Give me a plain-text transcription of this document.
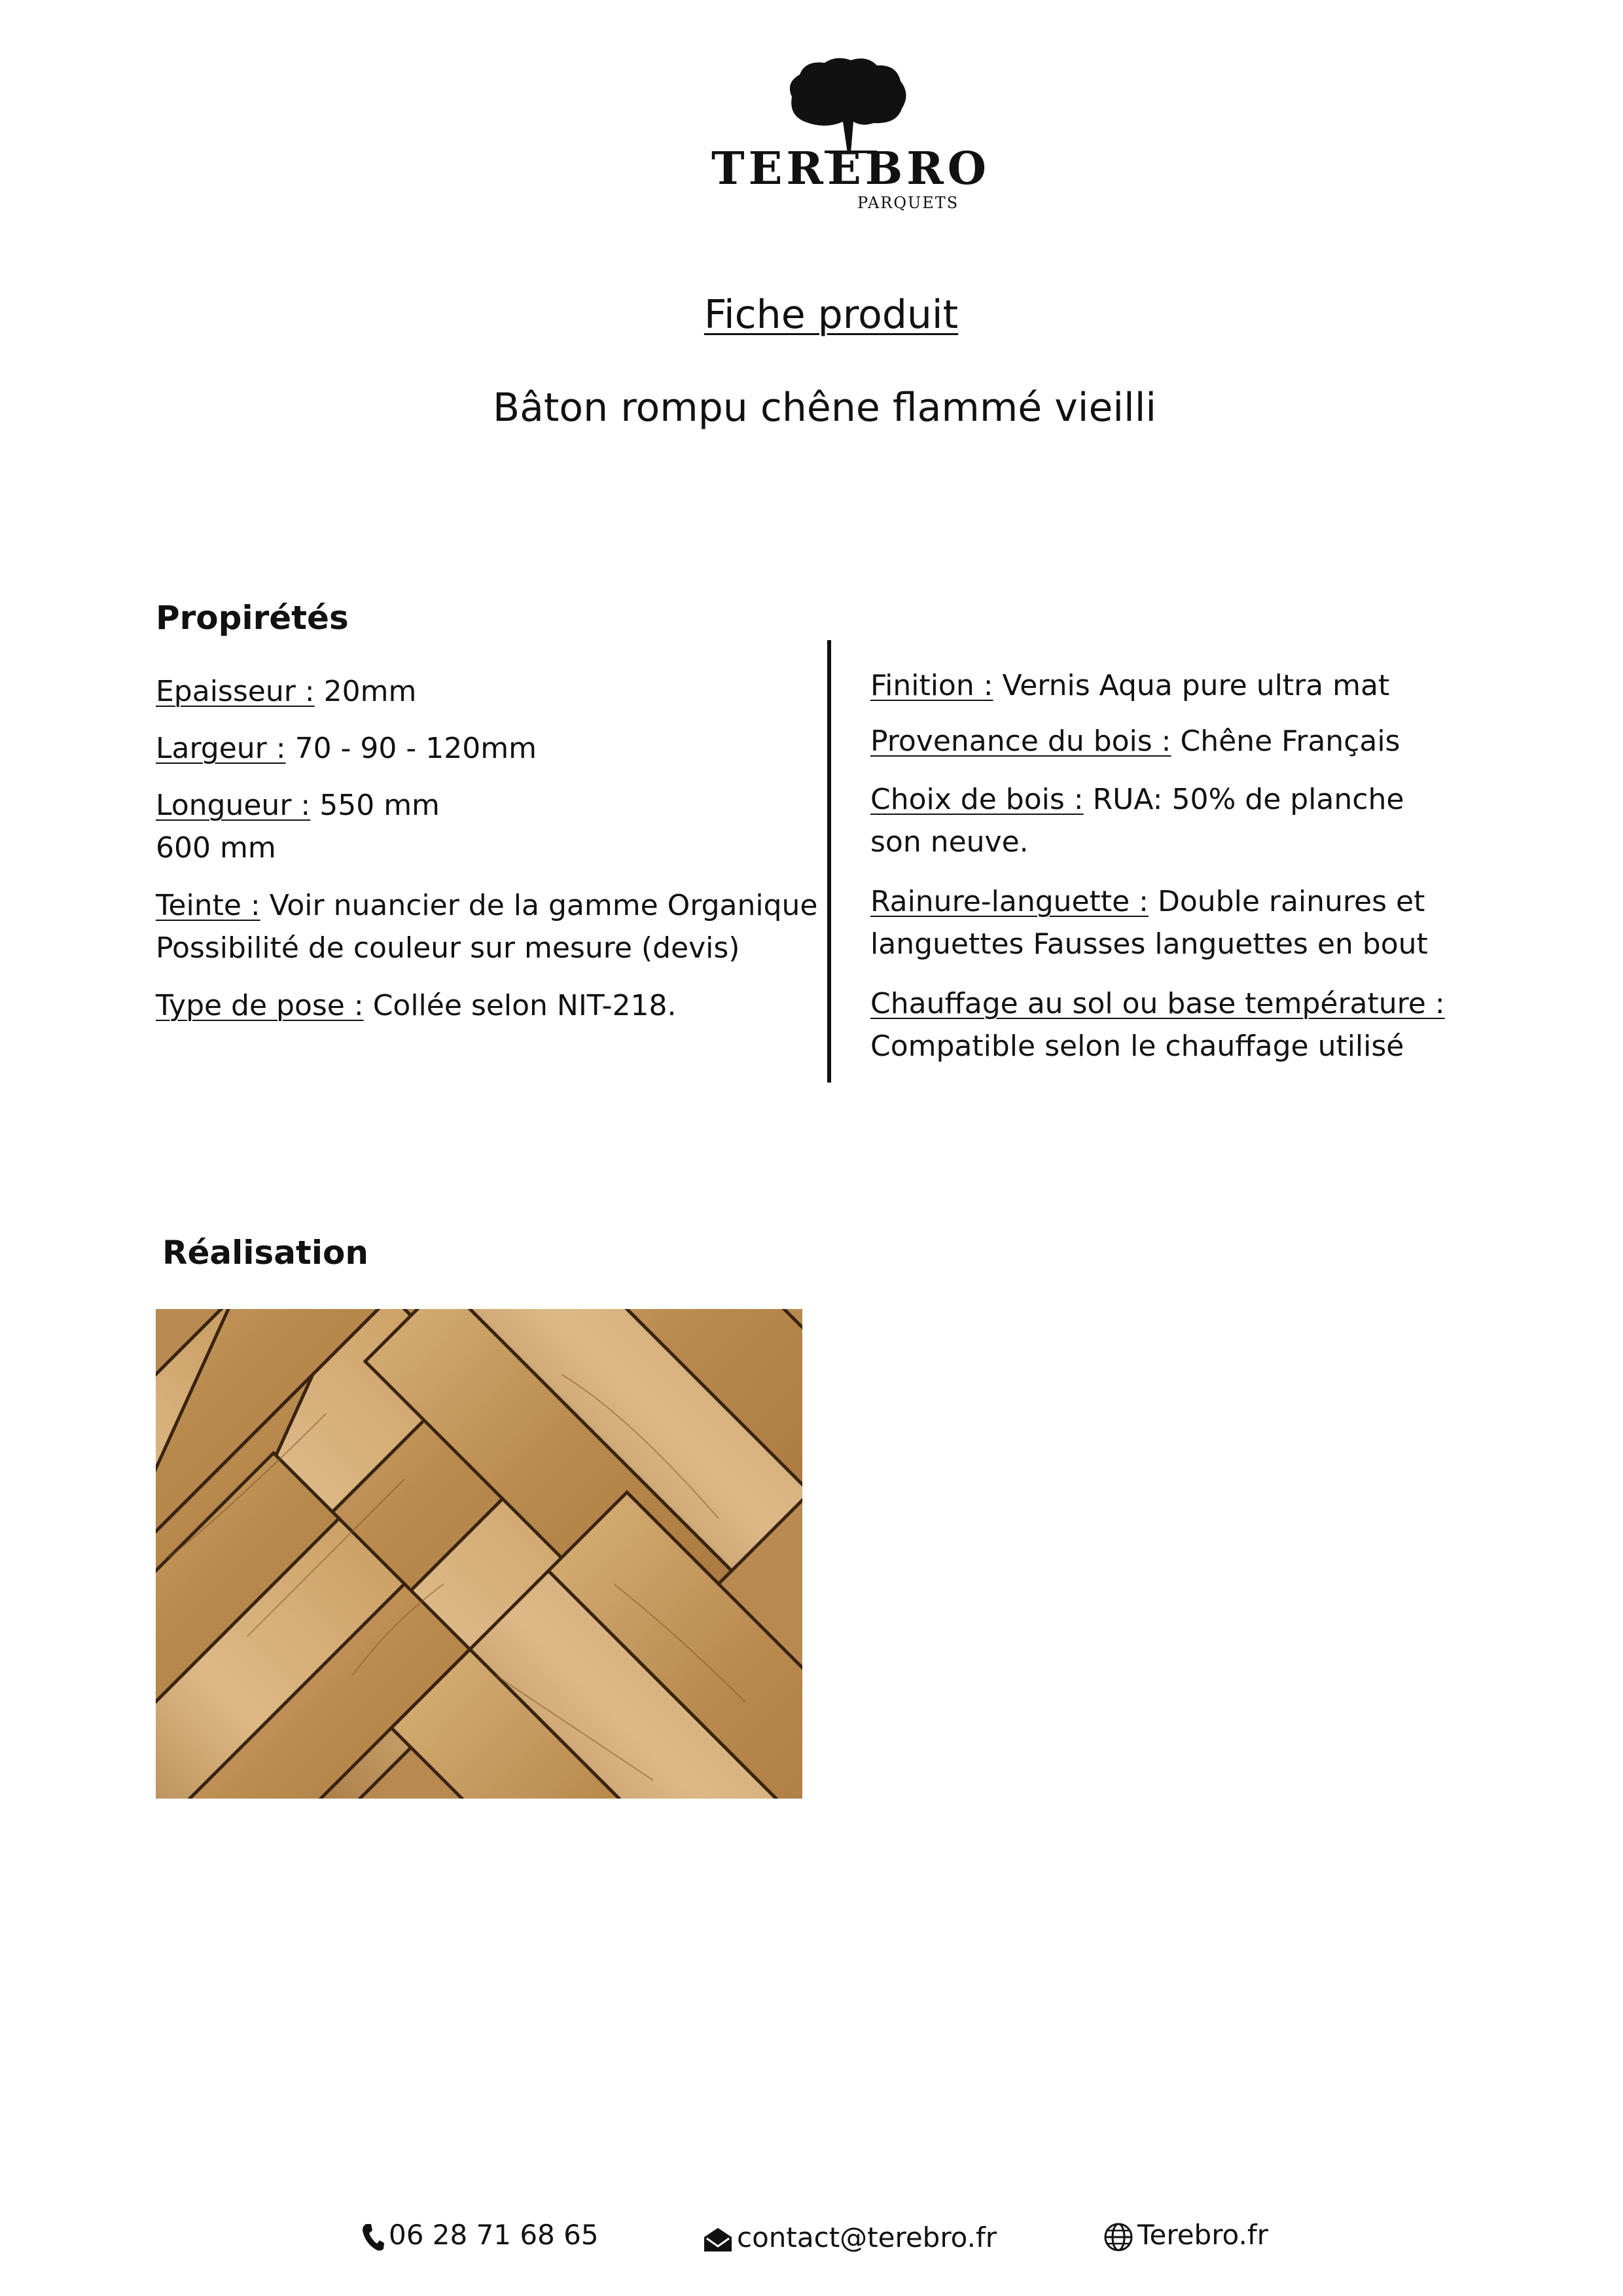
TERЕBRO
PARQUETS
Fiche produit
Bâton rompu chêne flammé vieilli
Propirétés
Epaisseur : 20mm
Largeur : 70 - 90 - 120mm
Longueur : 550 mm
600 mm
Teinte : Voir nuancier de la gamme Organique
Possibilité de couleur sur mesure (devis)
Type de pose : Collée selon NIT-218.
Finition : Vernis Aqua pure ultra mat
Provenance du bois : Chêne Français
Choix de bois : RUA: 50% de planche
son neuve.
Rainure-languette : Double rainures et
languettes Fausses languettes en bout
Chauffage au sol ou base température :
Compatible selon le chauffage utilisé
Réalisation
06 28 71 68 65	contact@terebro.fr	Terebro.fr
